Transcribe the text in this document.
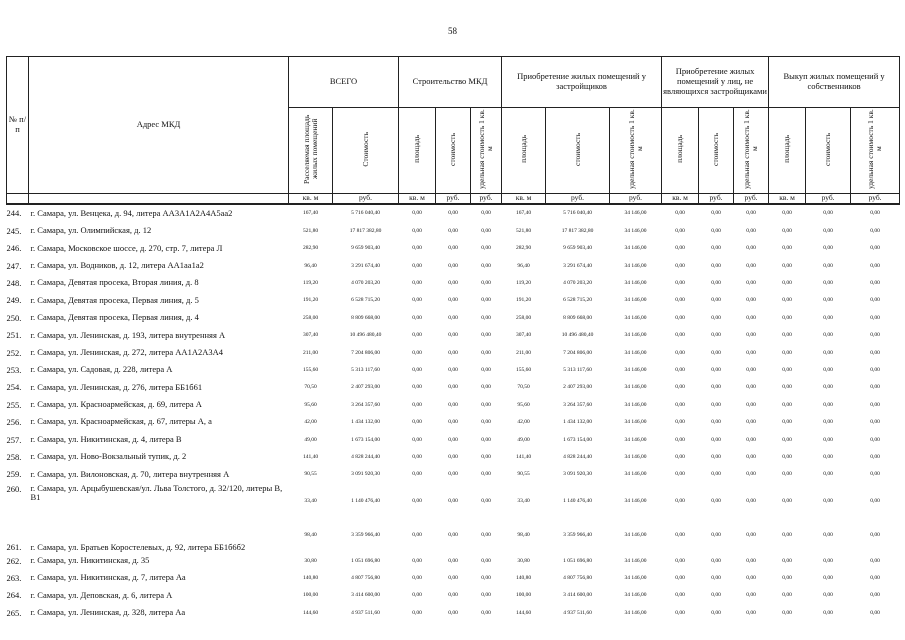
58
№ п/п	Адрес МКД	ВСЕГО		Строительство МКД			Приобретение жилых помещений у застройщиков			Приобретение жилых помещений у лиц, не являющихся застройщиками			Выкуп жилых помещений у собственников		
		Расселяемая площадь жилых помещений	Стоимость	площадь	стоимость	удельная стоимость 1 кв. м	площадь	стоимость	удельная стоимость 1 кв. м	площадь	стоимость	удельная стоимость 1 кв. м	площадь	стоимость	удельная стоимость 1 кв. м
		кв. м	руб.	кв. м	руб.	руб.	кв. м	руб.	руб.	кв. м	руб.	руб.	кв. м	руб.	руб.
244.	г. Самара, ул. Венцека, д. 94, литера АА3А1А2А4А5аа2	167,40	5 716 040,40	0,00	0,00	0,00	167,40	5 716 040,40	34 146,00	0,00	0,00	0,00	0,00	0,00	0,00
245.	г. Самара, ул. Олимпийская, д. 12	521,80	17 817 382,80	0,00	0,00	0,00	521,80	17 817 382,80	34 146,00	0,00	0,00	0,00	0,00	0,00	0,00
246.	г. Самара, Московское шоссе, д. 270, стр. 7, литера Л	282,90	9 659 903,40	0,00	0,00	0,00	282,90	9 659 903,40	34 146,00	0,00	0,00	0,00	0,00	0,00	0,00
247.	г. Самара, ул. Водников, д. 12, литера АА1аа1а2	96,40	3 291 674,40	0,00	0,00	0,00	96,40	3 291 674,40	34 146,00	0,00	0,00	0,00	0,00	0,00	0,00
248.	г. Самара, Девятая просека, Вторая линия, д. 8	119,20	4 070 203,20	0,00	0,00	0,00	119,20	4 070 203,20	34 146,00	0,00	0,00	0,00	0,00	0,00	0,00
249.	г. Самара, Девятая просека, Первая линия, д. 5	191,20	6 528 715,20	0,00	0,00	0,00	191,20	6 528 715,20	34 146,00	0,00	0,00	0,00	0,00	0,00	0,00
250.	г. Самара, Девятая просека, Первая линия, д. 4	258,00	8 809 668,00	0,00	0,00	0,00	258,00	8 809 668,00	34 146,00	0,00	0,00	0,00	0,00	0,00	0,00
251.	г. Самара, ул. Ленинская, д. 193, литера внутренняя А	307,40	10 496 480,40	0,00	0,00	0,00	307,40	10 496 480,40	34 146,00	0,00	0,00	0,00	0,00	0,00	0,00
252.	г. Самара, ул. Ленинская, д. 272, литера АА1А2А3А4	211,00	7 204 806,00	0,00	0,00	0,00	211,00	7 204 806,00	34 146,00	0,00	0,00	0,00	0,00	0,00	0,00
253.	г. Самара, ул. Садовая, д. 228, литера А	155,60	5 313 117,60	0,00	0,00	0,00	155,60	5 313 117,60	34 146,00	0,00	0,00	0,00	0,00	0,00	0,00
254.	г. Самара, ул. Ленинская, д. 276, литера ББ1б61	70,50	2 407 293,00	0,00	0,00	0,00	70,50	2 407 293,00	34 146,00	0,00	0,00	0,00	0,00	0,00	0,00
255.	г. Самара, ул. Красноармейская, д. 69, литера А	95,60	3 264 357,60	0,00	0,00	0,00	95,60	3 264 357,60	34 146,00	0,00	0,00	0,00	0,00	0,00	0,00
256.	г. Самара, ул. Красноармейская, д. 67, литеры А, а	42,00	1 434 132,00	0,00	0,00	0,00	42,00	1 434 132,00	34 146,00	0,00	0,00	0,00	0,00	0,00	0,00
257.	г. Самара, ул. Никитинская, д. 4, литера В	49,00	1 673 154,00	0,00	0,00	0,00	49,00	1 673 154,00	34 146,00	0,00	0,00	0,00	0,00	0,00	0,00
258.	г. Самара, ул. Ново-Вокзальный тупик, д. 2	141,40	4 828 244,40	0,00	0,00	0,00	141,40	4 828 244,40	34 146,00	0,00	0,00	0,00	0,00	0,00	0,00
259.	г. Самара, ул. Вилоновская, д. 70, литера внутренняя А	90,55	3 091 920,30	0,00	0,00	0,00	90,55	3 091 920,30	34 146,00	0,00	0,00	0,00	0,00	0,00	0,00
260.	г. Самара, ул. Арцыбушевская/ул. Льва Толстого, д. 32/120, литеры В, В1	33,40	1 140 476,40	0,00	0,00	0,00	33,40	1 140 476,40	34 146,00	0,00	0,00	0,00	0,00	0,00	0,00
261.	г. Самара, ул. Братьев Коростелевых, д. 92, литера ББ1б6б2	98,40	3 359 966,40	0,00	0,00	0,00	98,40	3 359 966,40	34 146,00	0,00	0,00	0,00	0,00	0,00	0,00
262.	г. Самара, ул. Никитинская, д. 35	30,80	1 051 696,80	0,00	0,00	0,00	30,80	1 051 696,80	34 146,00	0,00	0,00	0,00	0,00	0,00	0,00
263.	г. Самара, ул. Никитинская, д. 7, литера Аа	140,80	4 807 756,80	0,00	0,00	0,00	140,80	4 807 756,80	34 146,00	0,00	0,00	0,00	0,00	0,00	0,00
264.	г. Самара, ул. Деповская, д. 6, литера А	100,00	3 414 600,00	0,00	0,00	0,00	100,00	3 414 600,00	34 146,00	0,00	0,00	0,00	0,00	0,00	0,00
265.	г. Самара, ул. Ленинская, д. 328, литера Аа	144,60	4 937 511,60	0,00	0,00	0,00	144,60	4 937 511,60	34 146,00	0,00	0,00	0,00	0,00	0,00	0,00
